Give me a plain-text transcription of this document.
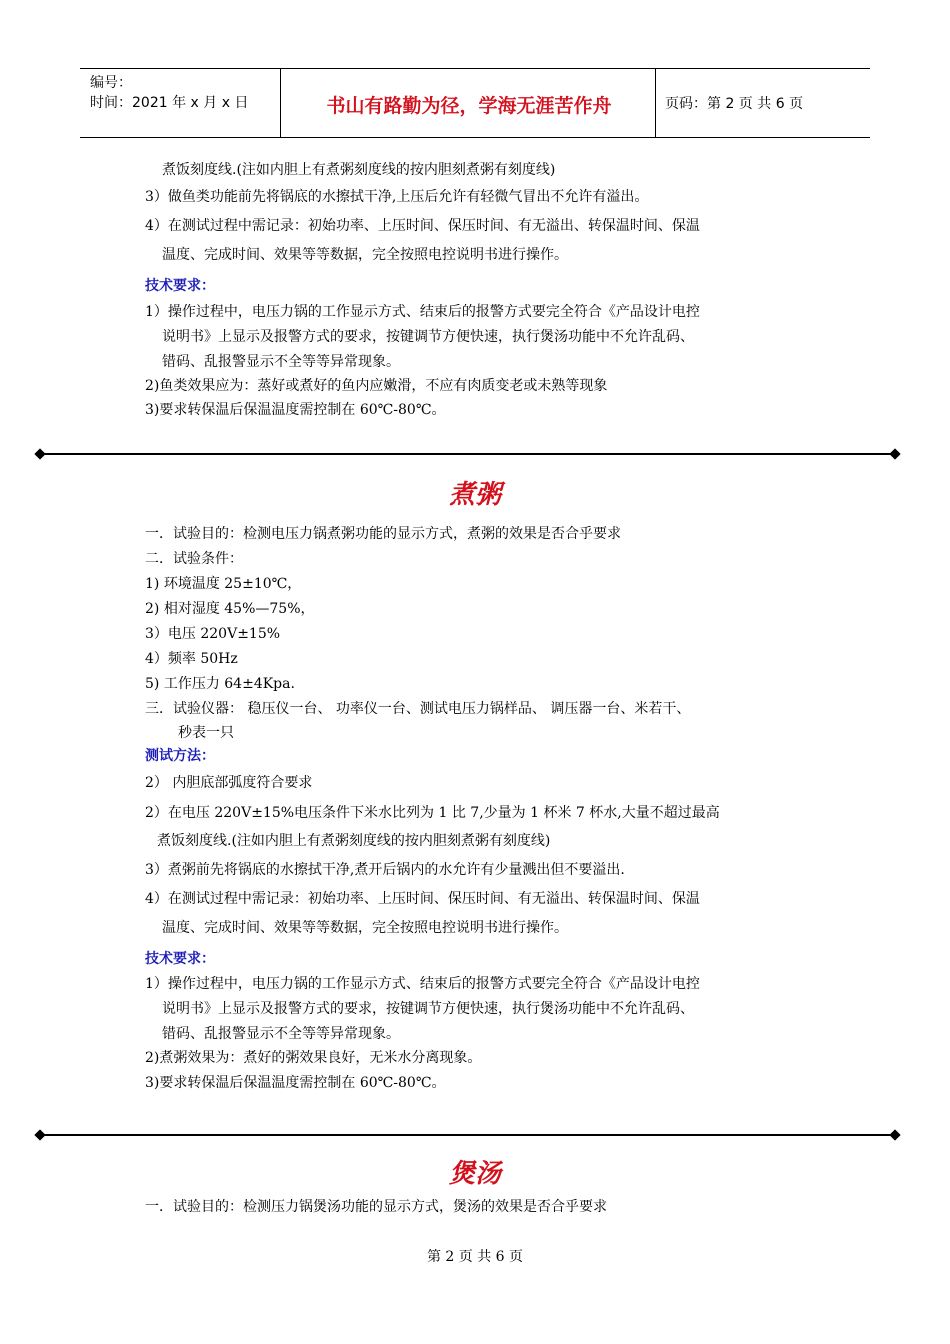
编号：
时间：2021 年 x 月 x 日	书山有路勤为径，学海无涯苦作舟	页码：第 2 页 共 6 页
煮饭刻度线.(注如内胆上有煮粥刻度线的按内胆刻煮粥有刻度线)
3）做鱼类功能前先将锅底的水擦拭干净,上压后允许有轻微气冒出不允许有溢出。
4）在测试过程中需记录：初始功率、上压时间、保压时间、有无溢出、转保温时间、保温
温度、完成时间、效果等等数据，完全按照电控说明书进行操作。
技术要求：
1）操作过程中，电压力锅的工作显示方式、结束后的报警方式要完全符合《产品设计电控
说明书》上显示及报警方式的要求，按键调节方便快速，执行煲汤功能中不允许乱码、
错码、乱报警显示不全等等异常现象。
2)鱼类效果应为：蒸好或煮好的鱼内应嫩滑，不应有肉质变老或未熟等现象
3)要求转保温后保温温度需控制在 60℃-80℃。
煮粥
一．试验目的：检测电压力锅煮粥功能的显示方式，煮粥的效果是否合乎要求
二．试验条件：
1) 环境温度 25±10℃，
2) 相对湿度 45%—75%，
3）电压 220V±15%
4）频率 50Hz
5) 工作压力 64±4Kpa.
三．试验仪器： 稳压仪一台、 功率仪一台、测试电压力锅样品、 调压器一台、米若干、
秒表一只
测试方法：
2） 内胆底部弧度符合要求
2）在电压 220V±15%电压条件下米水比列为 1 比 7,少量为 1 杯米 7 杯水,大量不超过最高
煮饭刻度线.(注如内胆上有煮粥刻度线的按内胆刻煮粥有刻度线)
3）煮粥前先将锅底的水擦拭干净,煮开后锅内的水允许有少量溅出但不要溢出.
4）在测试过程中需记录：初始功率、上压时间、保压时间、有无溢出、转保温时间、保温
温度、完成时间、效果等等数据，完全按照电控说明书进行操作。
技术要求：
1）操作过程中，电压力锅的工作显示方式、结束后的报警方式要完全符合《产品设计电控
说明书》上显示及报警方式的要求，按键调节方便快速，执行煲汤功能中不允许乱码、
错码、乱报警显示不全等等异常现象。
2)煮粥效果为：煮好的粥效果良好，无米水分离现象。
3)要求转保温后保温温度需控制在 60℃-80℃。
煲汤
一．试验目的：检测压力锅煲汤功能的显示方式，煲汤的效果是否合乎要求
第 2 页 共 6 页
